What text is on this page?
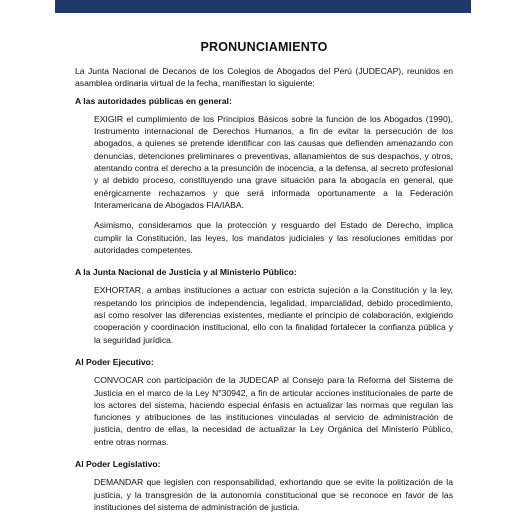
PRONUNCIAMIENTO

La Junta Nacional de Decanos de los Colegios de Abogados del Perú (JUDECAP), reunidos en asamblea ordinaria virtual de la fecha, manifiestan lo siguiente:

A las autoridades públicas en general:

EXIGIR el cumplimiento de los Principios Básicos sobre la función de los Abogados (1990), Instrumento internacional de Derechos Humanos, a fin de evitar la persecución de los abogados, a quienes se pretende identificar con las causas que defienden amenazando con denuncias, detenciones preliminares o preventivas, allanamientos de sus despachos, y otros, atentando contra el derecho a la presunción de inocencia, a la defensa, al secreto profesional y al debido proceso, constituyendo una grave situación para la abogacía en general, que enérgicamente rechazamos y que será informada oportunamente a la Federación Interamericana de Abogados FIA/IABA.

Asimismo, consideramos que la protección y resguardo del Estado de Derecho, implica cumplir la Constitución, las leyes, los mandatos judiciales y las resoluciones emitidas por autoridades competentes.

A la Junta Nacional de Justicia y al Ministerio Público:

EXHORTAR, a ambas instituciones a actuar con estricta sujeción a la Constitución y la ley, respetando los principios de independencia, legalidad, imparcialidad, debido procedimiento, así como resolver las diferencias existentes, mediante el principio de colaboración, exigiendo cooperación y coordinación institucional, ello con la finalidad fortalecer la confianza pública y la seguridad jurídica.

Al Poder Ejecutivo:

CONVOCAR con participación de la JUDECAP al Consejo para la Reforma del Sistema de Justicia en el marco de la Ley N°30942, a fin de articular acciones institucionales de parte de los actores del sistema, haciendo especial énfasis en actualizar las normas que regulan las funciones y atribuciones de las instituciones vinculadas al servicio de administración de justicia, dentro de ellas, la necesidad de actualizar la Ley Orgánica del Ministerio Público, entre otras normas.

Al Poder Legislativo:

DEMANDAR que legislen con responsabilidad, exhortando que se evite la politización de la justicia, y la transgresión de la autonomía constitucional que se reconoce en favor de las instituciones del sistema de administración de justicia.
